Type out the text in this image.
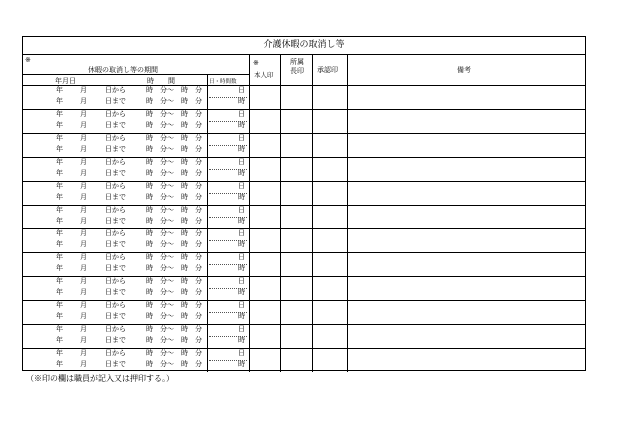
介護休暇の取消し等
※
休暇の取消し等の期間
年月日	時　　間	日・時間数
※
本人印
所属長印 承認印	備考
年 月	日から	時　分〜　時　分	日
年 月	日まで	時　分〜　時　分	時
年 月	日から	時　分〜　時　分	日
年 月	日まで	時　分〜　時　分	時
年 月	日から	時　分〜　時　分	日
年 月	日まで	時　分〜　時　分	時
年 月	日から	時　分〜　時　分	日
年 月	日まで	時　分〜　時　分	時
年 月	日から	時　分〜　時　分	日
年 月	日まで	時　分〜　時　分	時
年 月	日から	時　分〜　時　分	日
年 月	日まで	時　分〜　時　分	時
年 月	日から	時　分〜　時　分	日
年 月	日まで	時　分〜　時　分	時
年 月	日から	時　分〜　時　分	日
年 月	日まで	時　分〜　時　分	時
年 月	日から	時　分〜　時　分	日
年 月	日まで	時　分〜　時　分	時
年 月	日から	時　分〜　時　分	日
年 月	日まで	時　分〜　時　分	時
年 月	日から	時　分〜　時　分	日
年 月	日まで	時　分〜　時　分	時
年 月	日から	時　分〜　時　分	日
年 月	日まで	時　分〜　時　分	時
（※印の欄は職員が記入又は押印する。）
